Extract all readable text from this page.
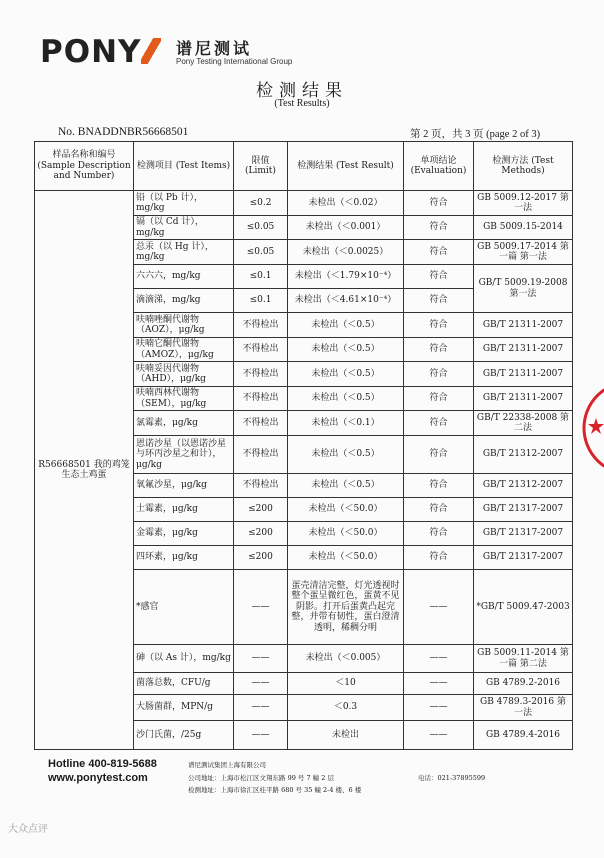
PONY	谱尼测试
Pony Testing International Group
检测结果
(Test Results)
No. BNADDNBR56668501	第 2 页，共 3 页 (page 2 of 3)
样品名称和编号 (Sample Description and Number)	检测项目 (Test Items)	限值 (Limit)	检测结果 (Test Result)	单项结论 (Evaluation)	检测方法 (Test Methods)
R56668501 我的鸡笼生态土鸡蛋	铅（以 Pb 计），mg/kg	≤0.2	未检出（＜0.02）	符合	GB 5009.12-2017 第一法
	镉（以 Cd 计），mg/kg	≤0.05	未检出（＜0.001）	符合	GB 5009.15-2014
	总汞（以 Hg 计），mg/kg	≤0.05	未检出（＜0.0025）	符合	GB 5009.17-2014 第一篇 第一法
	六六六，mg/kg	≤0.1	未检出（＜1.79×10⁻⁴）	符合	GB/T 5009.19-2008 第一法
	滴滴涕，mg/kg	≤0.1	未检出（＜4.61×10⁻⁴）	符合	
	呋喃唑酮代谢物（AOZ），μg/kg	不得检出	未检出（＜0.5）	符合	GB/T 21311-2007
	呋喃它酮代谢物（AMOZ），μg/kg	不得检出	未检出（＜0.5）	符合	GB/T 21311-2007
	呋喃妥因代谢物（AHD），μg/kg	不得检出	未检出（＜0.5）	符合	GB/T 21311-2007
	呋喃西林代谢物（SEM），μg/kg	不得检出	未检出（＜0.5）	符合	GB/T 21311-2007
	氯霉素，μg/kg	不得检出	未检出（＜0.1）	符合	GB/T 22338-2008 第二法
	恩诺沙星（以恩诺沙星与环丙沙星之和计），μg/kg	不得检出	未检出（＜0.5）	符合	GB/T 21312-2007
	氧氟沙星，μg/kg	不得检出	未检出（＜0.5）	符合	GB/T 21312-2007
	土霉素，μg/kg	≤200	未检出（＜50.0）	符合	GB/T 21317-2007
	金霉素，μg/kg	≤200	未检出（＜50.0）	符合	GB/T 21317-2007
	四环素，μg/kg	≤200	未检出（＜50.0）	符合	GB/T 21317-2007
	*感官	——	蛋壳清洁完整，灯光透视时整个蛋呈微红色，蛋黄不见阴影。打开后蛋黄凸起完整，并带有韧性，蛋白澄清透明，稀稠分明	——	*GB/T 5009.47-2003
	砷（以 As 计），mg/kg	——	未检出（＜0.005）	——	GB 5009.11-2014 第一篇 第二法
	菌落总数，CFU/g	——	＜10	——	GB 4789.2-2016
	大肠菌群，MPN/g	——	＜0.3	——	GB 4789.3-2016 第一法
	沙门氏菌，/25g	——	未检出	——	GB 4789.4-2016
Hotline 400-819-5688
www.ponytest.com
谱尼测试集团上海有限公司
公司地址：上海市松江区文翔东路 99 号 7 幢 2 层
检测地址：上海市徐汇区桂平路 680 号 35 幢 2-4 楼、6 楼
电话：021-37895599
大众点评
